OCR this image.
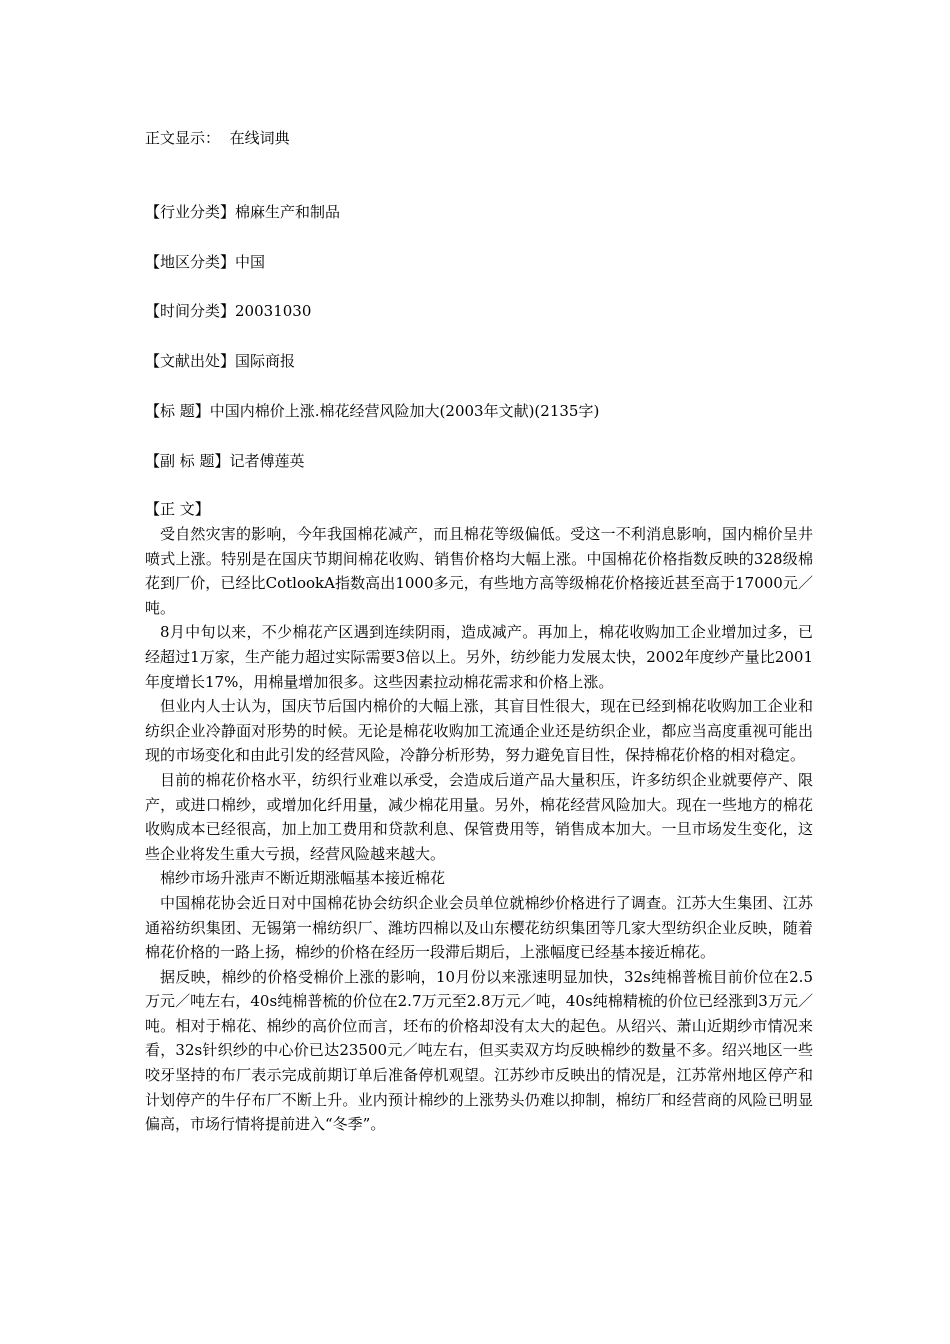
正文显示： 在线词典
【行业分类】棉麻生产和制品
【地区分类】中国
【时间分类】20031030
【文献出处】国际商报
【标 题】中国内棉价上涨.棉花经营风险加大(2003年文献)(2135字)
【副 标 题】记者傅莲英
【正 文】

受自然灾害的影响，今年我国棉花减产，而且棉花等级偏低。受这一不利消息影响，国内棉价呈井喷式上涨。特别是在国庆节期间棉花收购、销售价格均大幅上涨。中国棉花价格指数反映的328级棉花到厂价，已经比CotlookA指数高出1000多元，有些地方高等级棉花价格接近甚至高于17000元／吨。

8月中旬以来，不少棉花产区遇到连续阴雨，造成减产。再加上，棉花收购加工企业增加过多，已经超过1万家，生产能力超过实际需要3倍以上。另外，纺纱能力发展太快，2002年度纱产量比2001年度增长17%，用棉量增加很多。这些因素拉动棉花需求和价格上涨。

但业内人士认为，国庆节后国内棉价的大幅上涨，其盲目性很大，现在已经到棉花收购加工企业和纺织企业冷静面对形势的时候。无论是棉花收购加工流通企业还是纺织企业，都应当高度重视可能出现的市场变化和由此引发的经营风险，冷静分析形势，努力避免盲目性，保持棉花价格的相对稳定。

目前的棉花价格水平，纺织行业难以承受，会造成后道产品大量积压，许多纺织企业就要停产、限产，或进口棉纱，或增加化纤用量，减少棉花用量。另外，棉花经营风险加大。现在一些地方的棉花收购成本已经很高，加上加工费用和贷款利息、保管费用等，销售成本加大。一旦市场发生变化，这些企业将发生重大亏损，经营风险越来越大。

棉纱市场升涨声不断近期涨幅基本接近棉花

中国棉花协会近日对中国棉花协会纺织企业会员单位就棉纱价格进行了调查。江苏大生集团、江苏通裕纺织集团、无锡第一棉纺织厂、潍坊四棉以及山东樱花纺织集团等几家大型纺织企业反映，随着棉花价格的一路上扬，棉纱的价格在经历一段滞后期后，上涨幅度已经基本接近棉花。

据反映，棉纱的价格受棉价上涨的影响，10月份以来涨速明显加快，32s纯棉普梳目前价位在2.5万元／吨左右，40s纯棉普梳的价位在2.7万元至2.8万元／吨，40s纯棉精梳的价位已经涨到3万元／吨。相对于棉花、棉纱的高价位而言，坯布的价格却没有太大的起色。从绍兴、萧山近期纱市情况来看，32s针织纱的中心价已达23500元／吨左右，但买卖双方均反映棉纱的数量不多。绍兴地区一些咬牙坚持的布厂表示完成前期订单后准备停机观望。江苏纱市反映出的情况是，江苏常州地区停产和计划停产的牛仔布厂不断上升。业内预计棉纱的上涨势头仍难以抑制，棉纺厂和经营商的风险已明显偏高，市场行情将提前进入“冬季”。
